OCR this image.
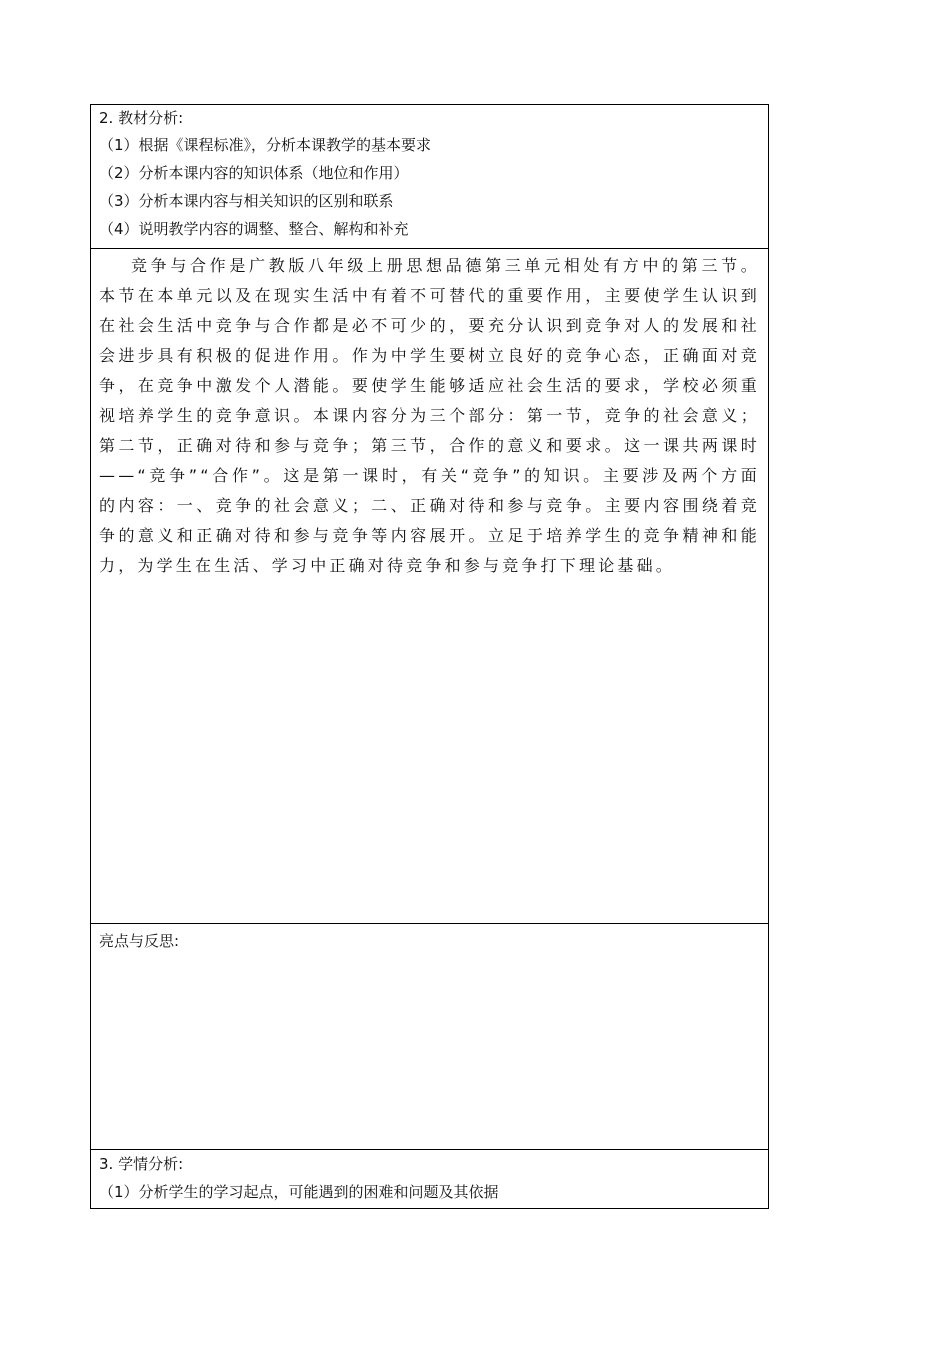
2. 教材分析:
（1）根据《课程标准》，分析本课教学的基本要求
（2）分析本课内容的知识体系（地位和作用）
（3）分析本课内容与相关知识的区别和联系
（4）说明教学内容的调整、整合、解构和补充

竞争与合作是广教版八年级上册思想品德第三单元相处有方中的第三节。本节在本单元以及在现实生活中有着不可替代的重要作用，主要使学生认识到在社会生活中竞争与合作都是必不可少的，要充分认识到竞争对人的发展和社会进步具有积极的促进作用。作为中学生要树立良好的竞争心态，正确面对竞争，在竞争中激发个人潜能。要使学生能够适应社会生活的要求，学校必须重视培养学生的竞争意识。本课内容分为三个部分：第一节，竞争的社会意义；第二节，正确对待和参与竞争；第三节，合作的意义和要求。这一课共两课时——“竞争”“合作”。这是第一课时，有关“竞争”的知识。主要涉及两个方面的内容：一、竞争的社会意义；二、正确对待和参与竞争。主要内容围绕着竞争的意义和正确对待和参与竞争等内容展开。立足于培养学生的竞争精神和能力，为学生在生活、学习中正确对待竞争和参与竞争打下理论基础。

亮点与反思:
3. 学情分析:
（1）分析学生的学习起点，可能遇到的困难和问题及其依据
